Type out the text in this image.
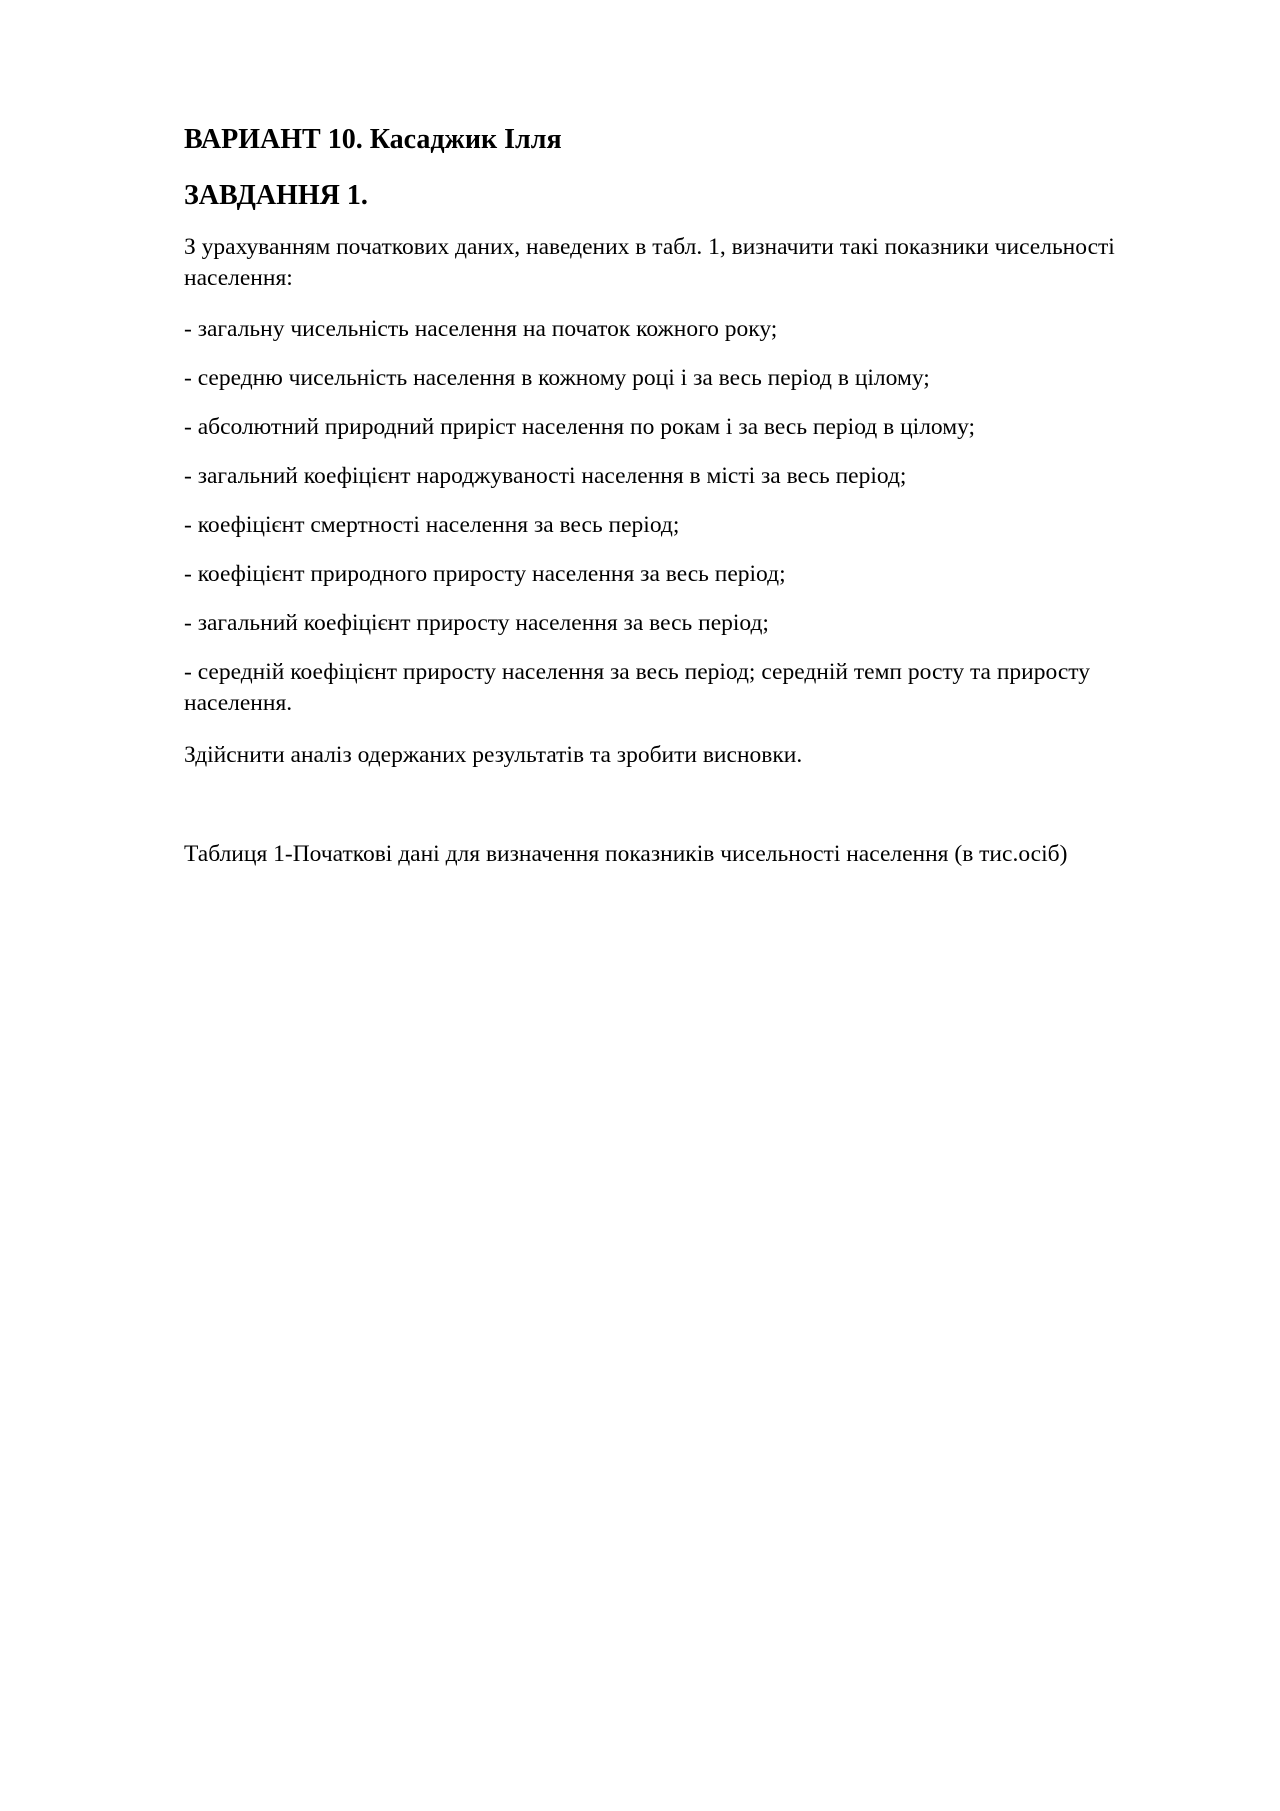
ВАРИАНТ 10. Касаджик Ілля

ЗАВДАННЯ 1.

З урахуванням початкових даних, наведених в табл. 1, визначити такі показники чисельності населення:

- загальну чисельність населення на початок кожного року;
- середню чисельність населення в кожному році і за весь період в цілому;
- абсолютний природний приріст населення по рокам і за весь період в цілому;
- загальний коефіцієнт народжуваності населення в місті за весь період;
- коефіцієнт смертності населення за весь період;
- коефіцієнт природного приросту населення за весь період;
- загальний коефіцієнт приросту населення за весь період;
- середній коефіцієнт приросту населення за весь період; середній темп росту та приросту населення.

Здійснити аналіз одержаних результатів та зробити висновки.

Таблиця 1-Початкові дані для визначення показників чисельності населення (в тис.осіб)
